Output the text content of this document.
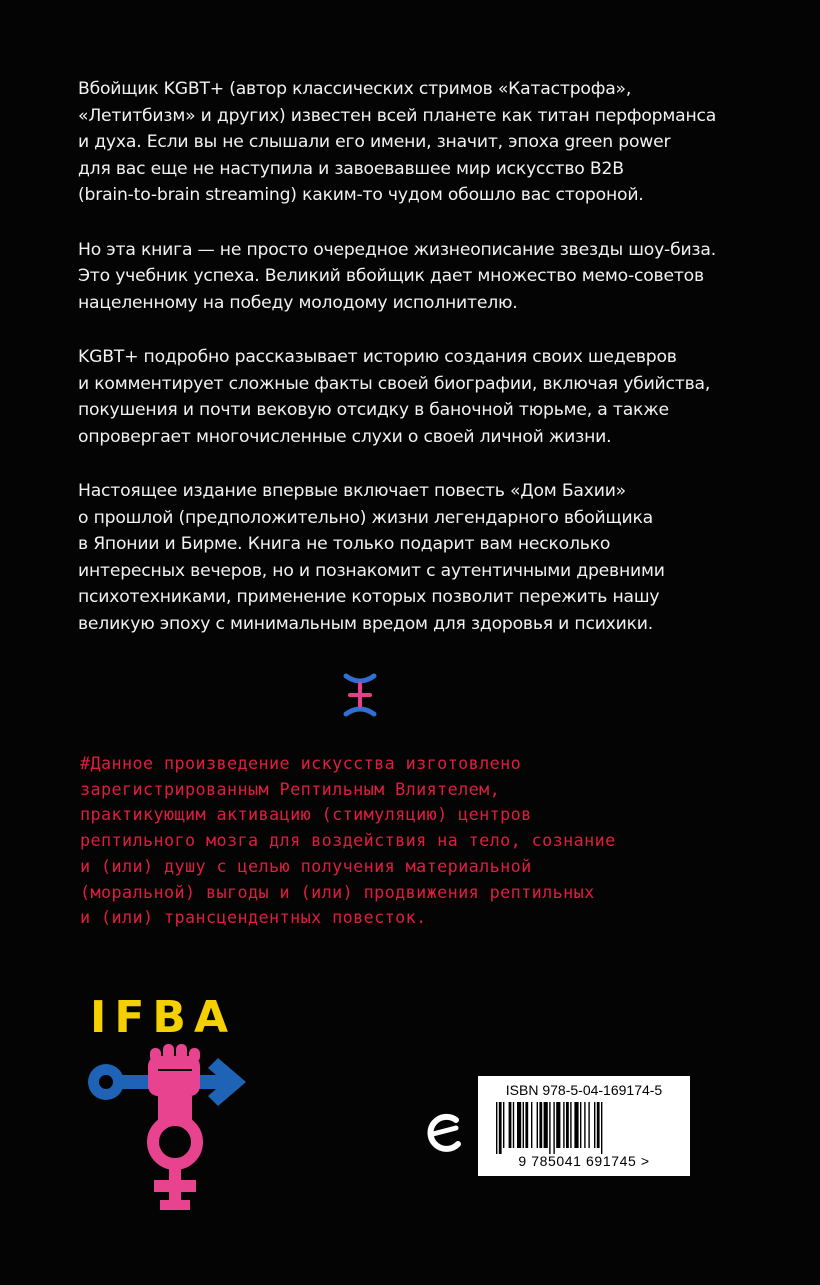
Вбойщик KGBT+ (автор классических стримов «Катастрофа»,
«Летитбизм» и других) известен всей планете как титан перформанса
и духа. Если вы не слышали его имени, значит, эпоха green power
для вас еще не наступила и завоевавшее мир искусство B2B
(brain-to-brain streaming) каким-то чудом обошло вас стороной.

Но эта книга — не просто очередное жизнеописание звезды шоу-биза.
Это учебник успеха. Великий вбойщик дает множество мемо-советов
нацеленному на победу молодому исполнителю.

KGBT+ подробно рассказывает историю создания своих шедевров
и комментирует сложные факты своей биографии, включая убийства,
покушения и почти вековую отсидку в баночной тюрьме, а также
опровергает многочисленные слухи о своей личной жизни.

Настоящее издание впервые включает повесть «Дом Бахии»
о прошлой (предположительно) жизни легендарного вбойщика
в Японии и Бирме. Книга не только подарит вам несколько
интересных вечеров, но и познакомит с аутентичными древними
психотехниками, применение которых позволит пережить нашу
великую эпоху с минимальным вредом для здоровья и психики.

#Данное произведение искусства изготовлено
зарегистрированным Рептильным Влиятелем,
практикующим активацию (стимуляцию) центров
рептильного мозга для воздействия на тело, сознание
и (или) душу с целью получения материальной
(моральной) выгоды и (или) продвижения рептильных
и (или) трансцендентных повесток.
IFBA
ISBN 978-5-04-169174-5
9 785041 691745 >
